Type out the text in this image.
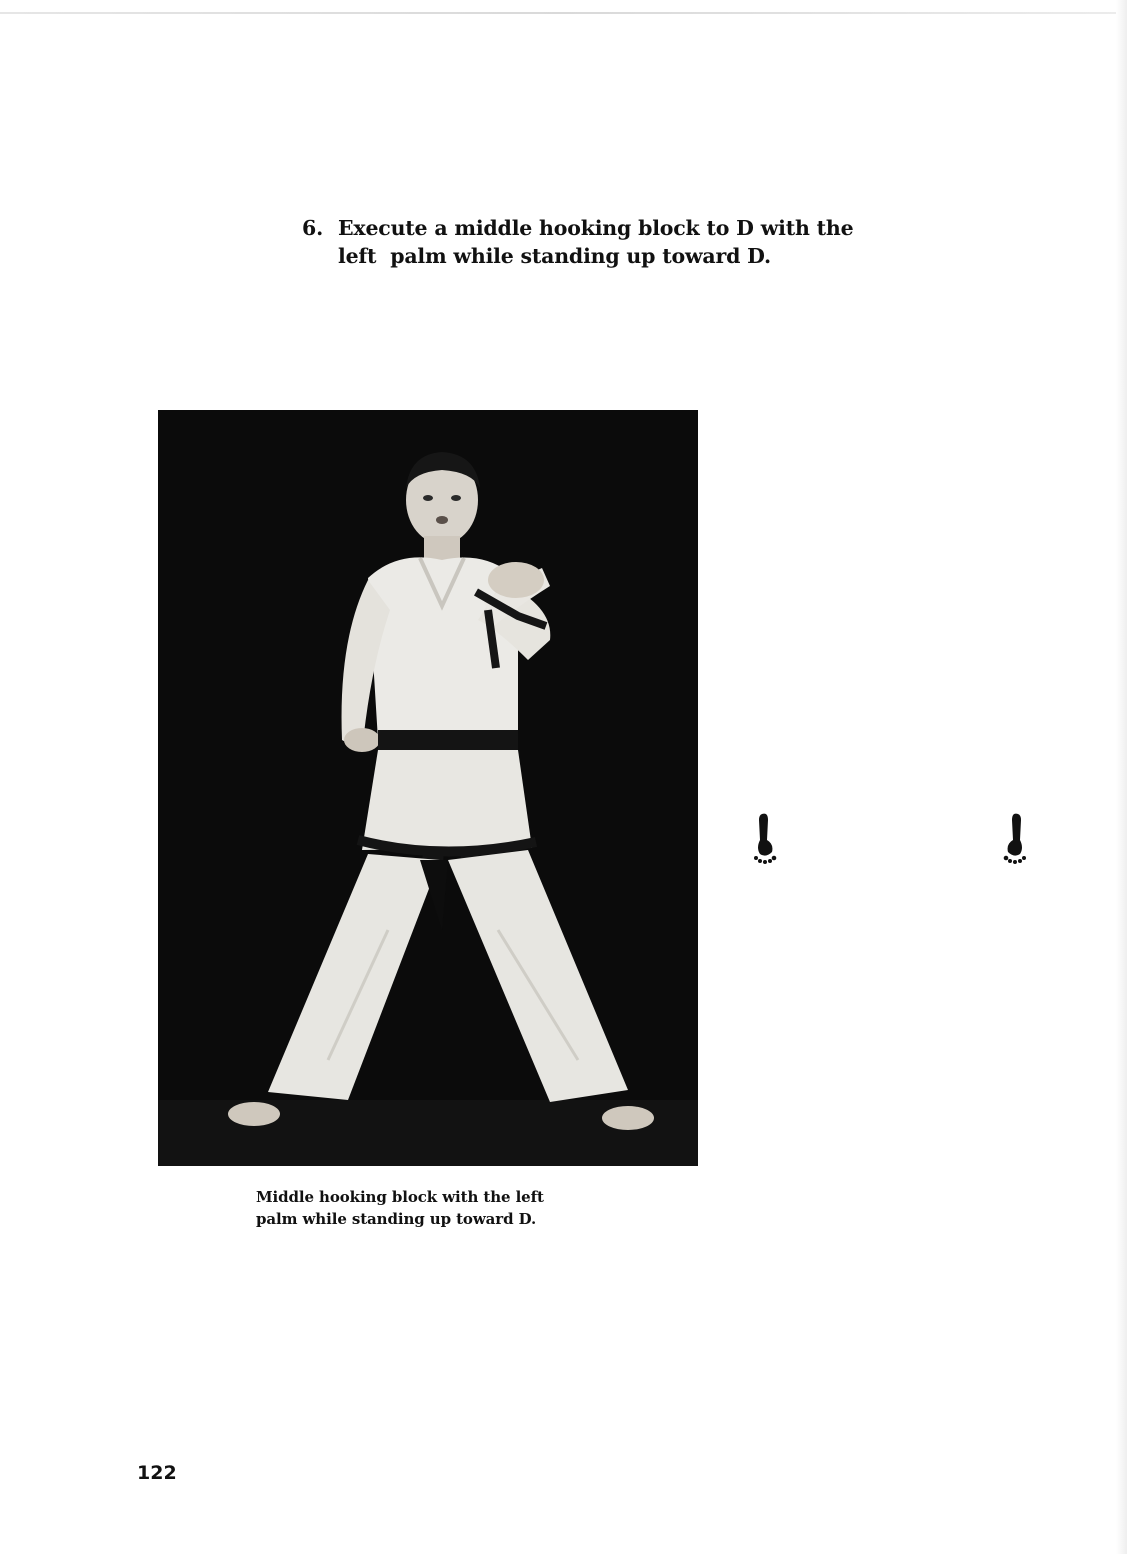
6. Execute a middle hooking block to D with the
left  palm while standing up toward D.
Middle hooking block with the left
palm while standing up toward D.
122
